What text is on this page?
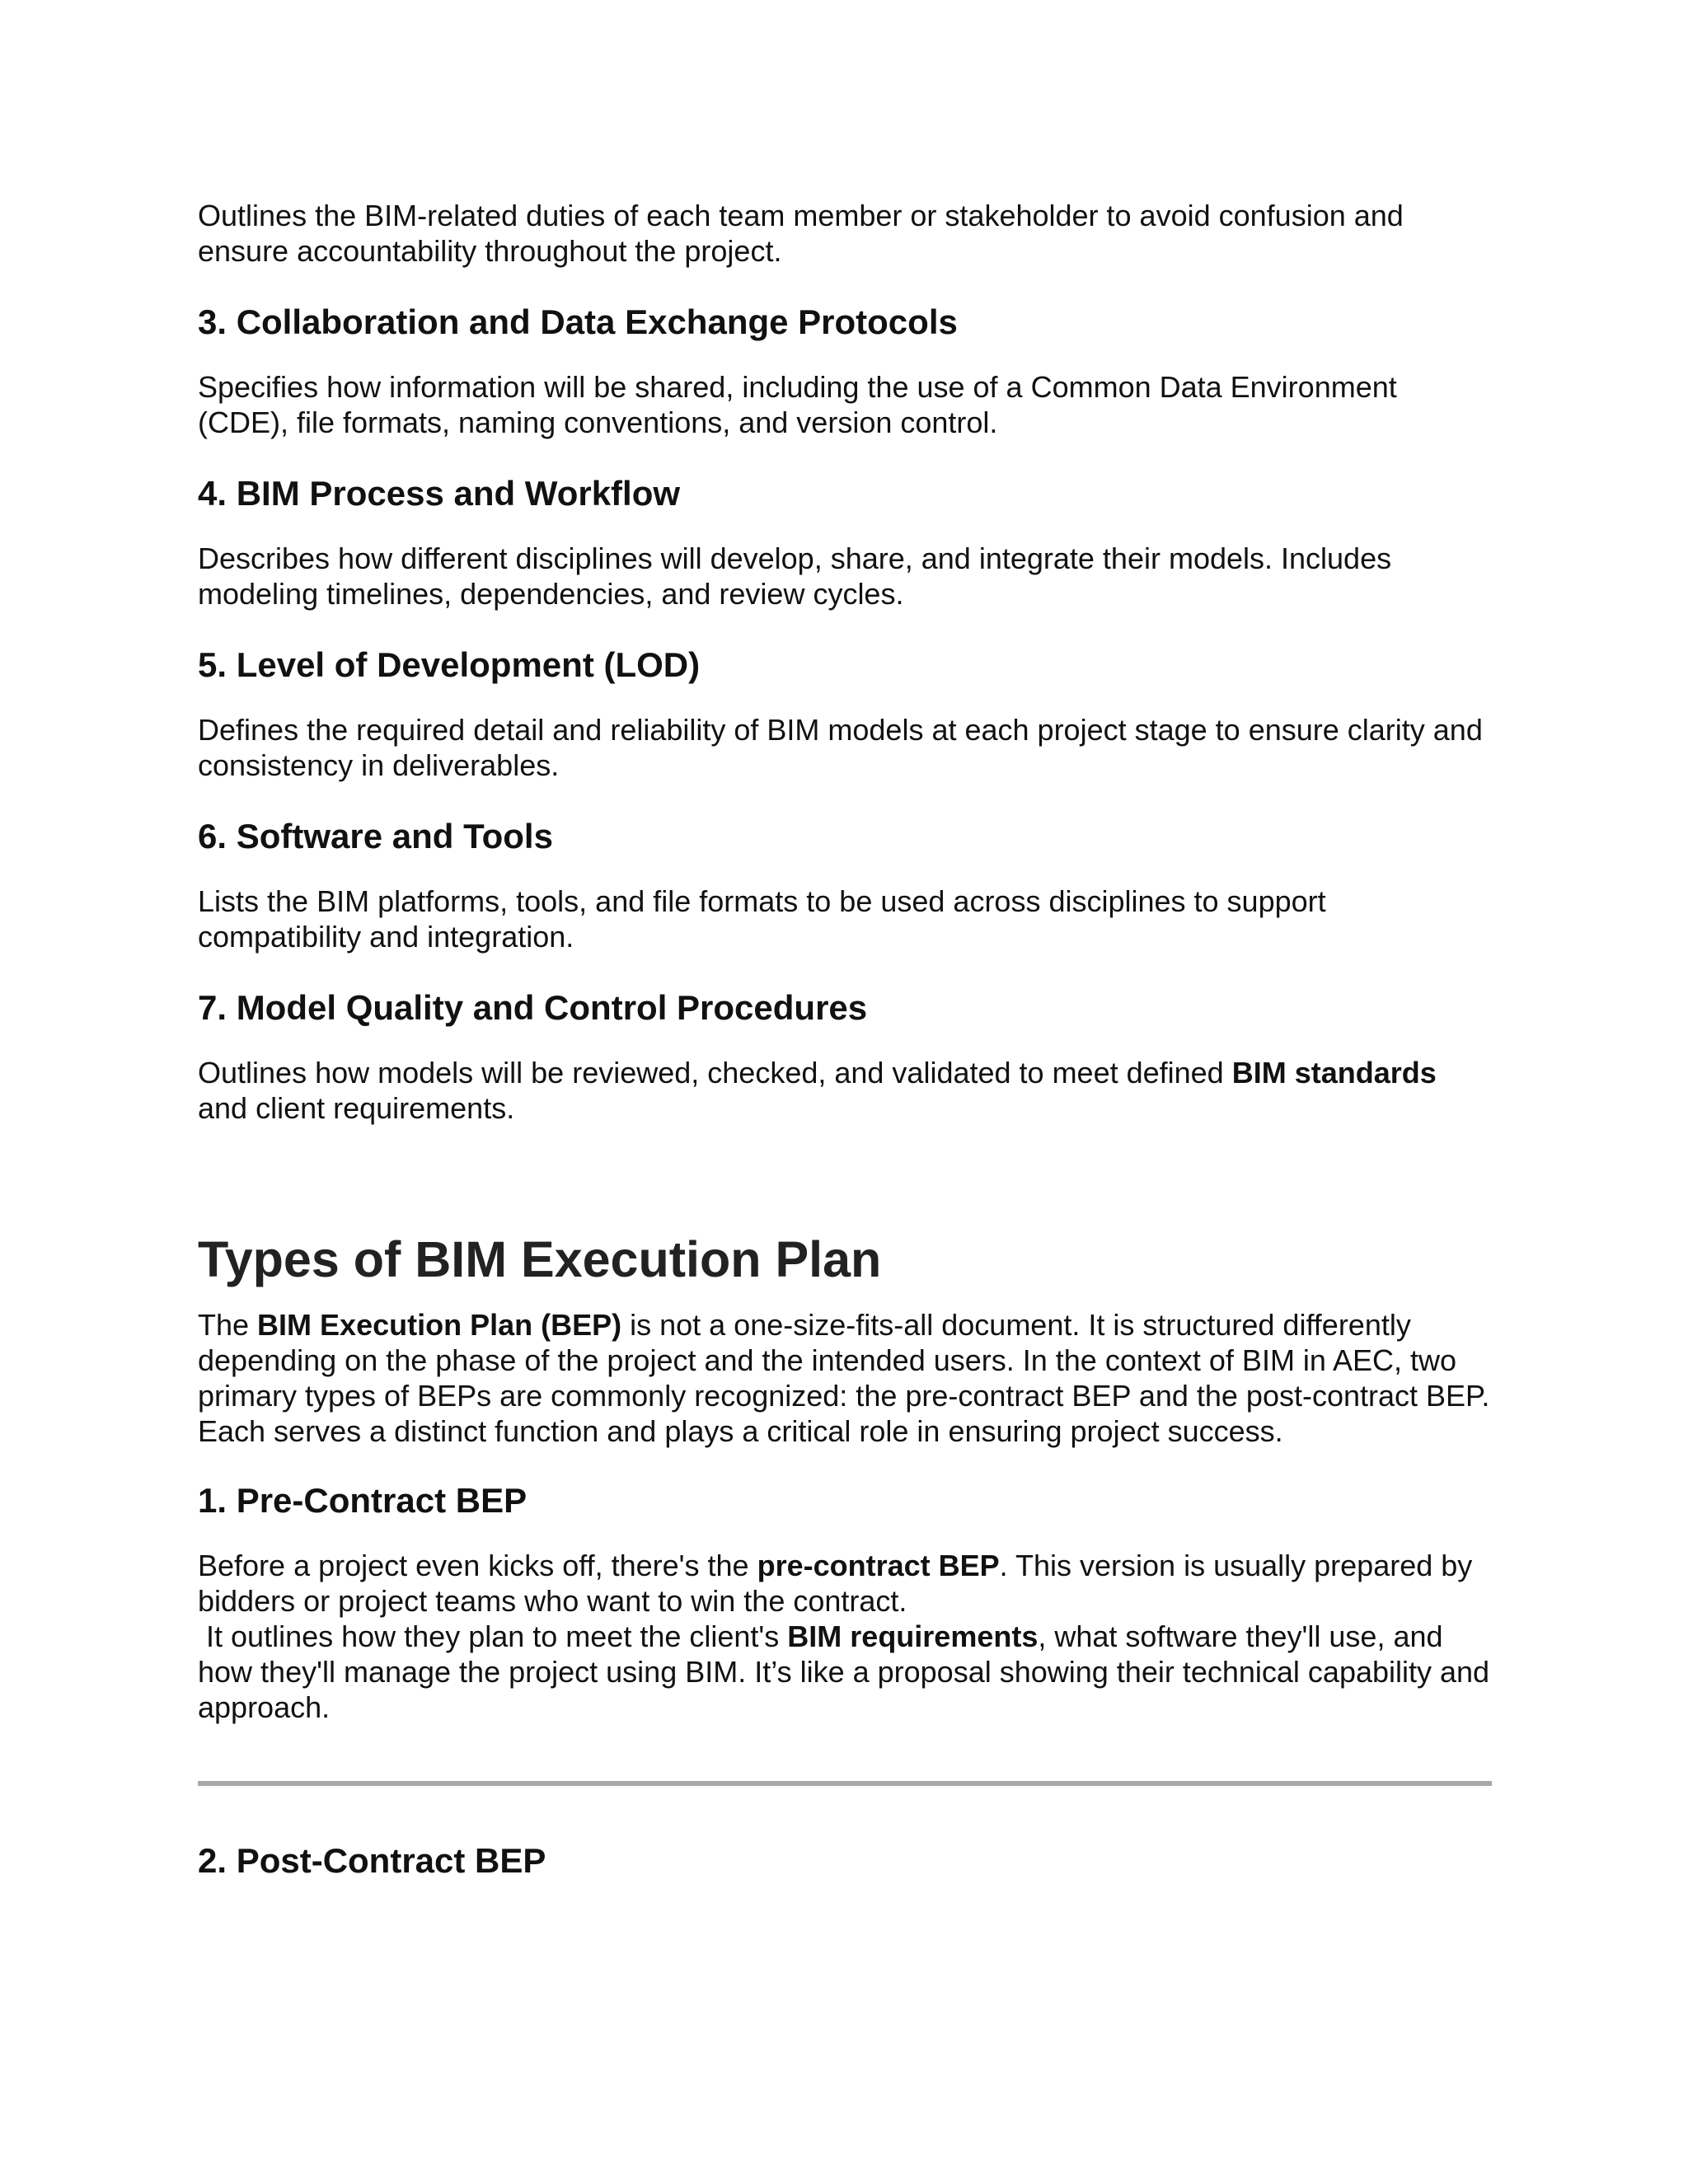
Outlines the BIM-related duties of each team member or stakeholder to avoid confusion and ensure accountability throughout the project.

3. Collaboration and Data Exchange Protocols

Specifies how information will be shared, including the use of a Common Data Environment (CDE), file formats, naming conventions, and version control.

4. BIM Process and Workflow

Describes how different disciplines will develop, share, and integrate their models. Includes modeling timelines, dependencies, and review cycles.

5. Level of Development (LOD)

Defines the required detail and reliability of BIM models at each project stage to ensure clarity and consistency in deliverables.

6. Software and Tools

Lists the BIM platforms, tools, and file formats to be used across disciplines to support compatibility and integration.

7. Model Quality and Control Procedures

Outlines how models will be reviewed, checked, and validated to meet defined BIM standards and client requirements.

Types of BIM Execution Plan

The BIM Execution Plan (BEP) is not a one-size-fits-all document. It is structured differently depending on the phase of the project and the intended users. In the context of BIM in AEC, two primary types of BEPs are commonly recognized: the pre-contract BEP and the post-contract BEP. Each serves a distinct function and plays a critical role in ensuring project success.

1. Pre-Contract BEP

Before a project even kicks off, there's the pre-contract BEP. This version is usually prepared by bidders or project teams who want to win the contract.

It outlines how they plan to meet the client's BIM requirements, what software they'll use, and how they'll manage the project using BIM. It’s like a proposal showing their technical capability and approach.

2. Post-Contract BEP
